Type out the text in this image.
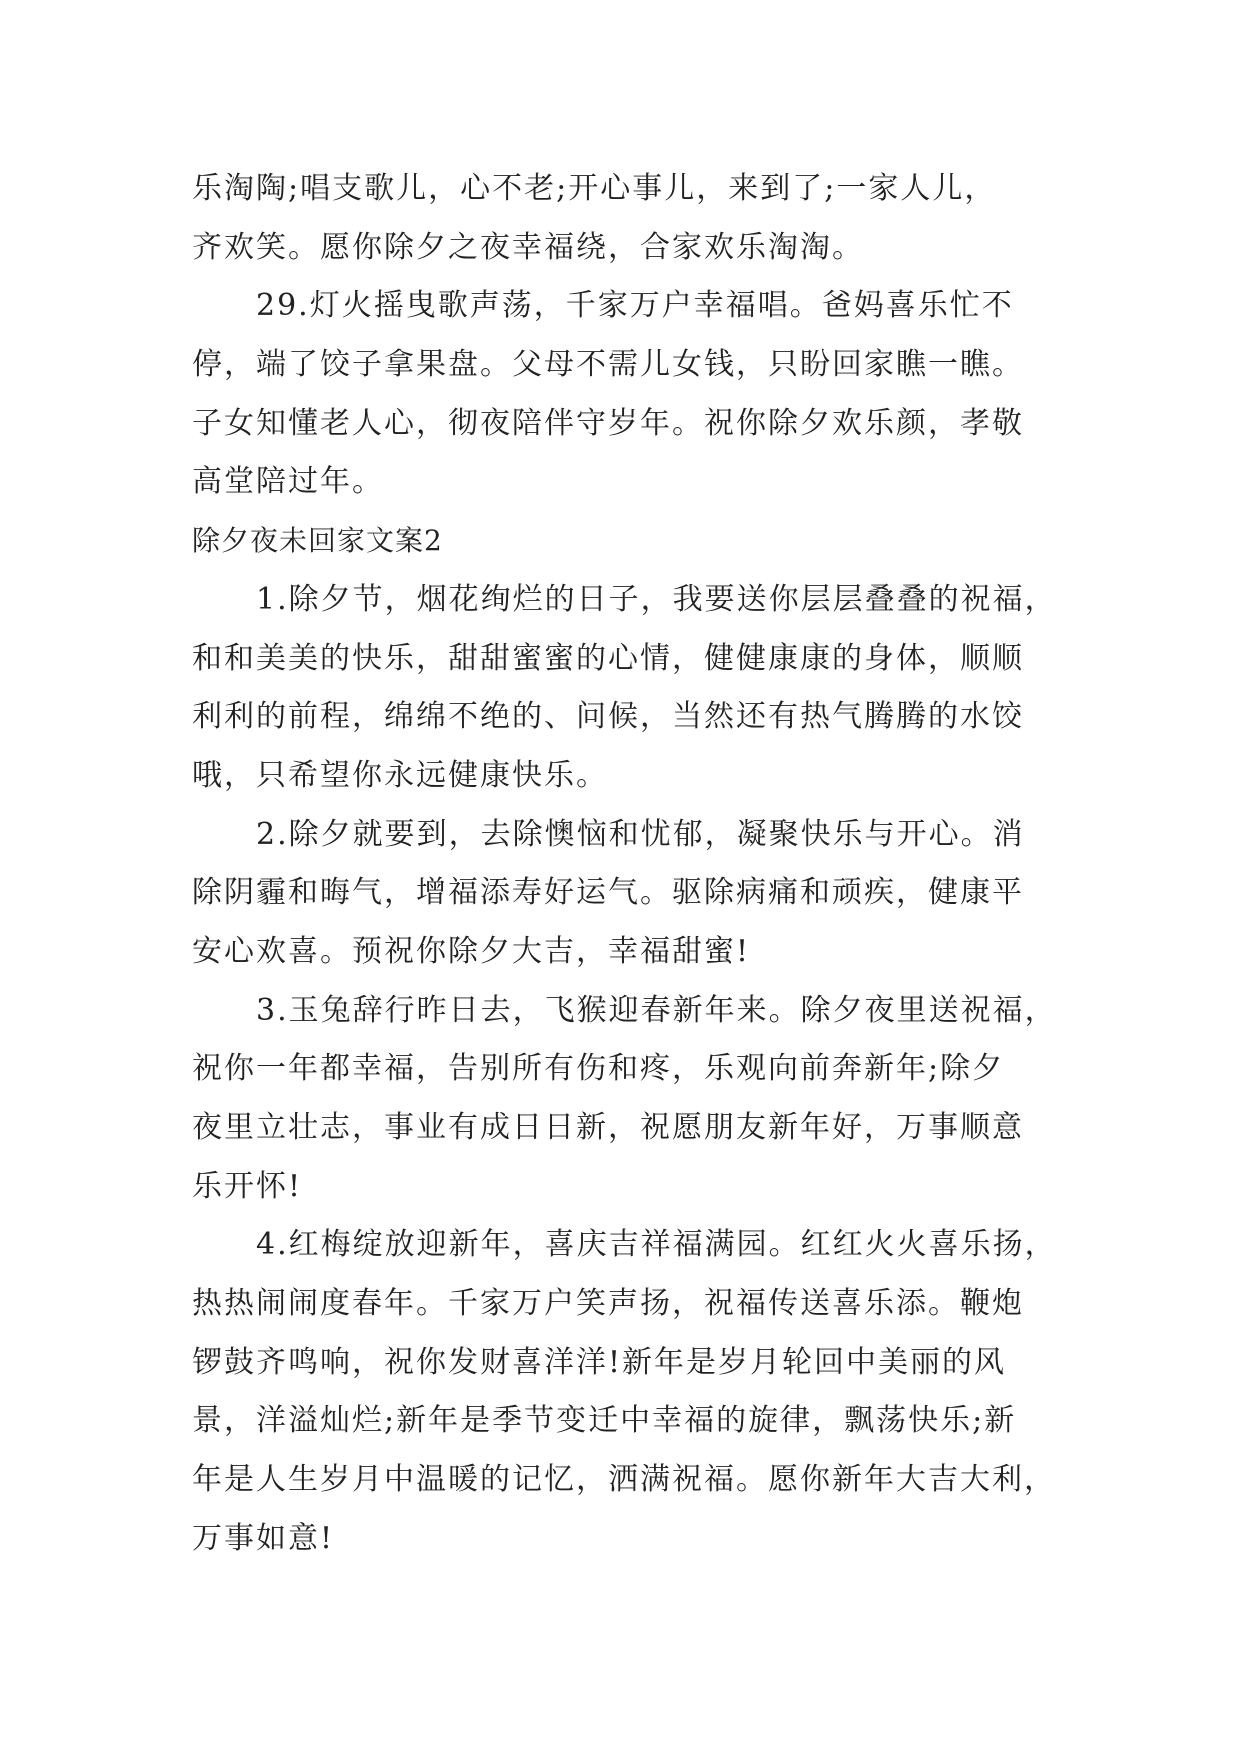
乐淘陶;唱支歌儿，心不老;开心事儿，来到了;一家人儿，
齐欢笑。愿你除夕之夜幸福绕，合家欢乐淘淘。
　　29.灯火摇曳歌声荡，千家万户幸福唱。爸妈喜乐忙不
停，端了饺子拿果盘。父母不需儿女钱，只盼回家瞧一瞧。
子女知懂老人心，彻夜陪伴守岁年。祝你除夕欢乐颜，孝敬
高堂陪过年。
除夕夜未回家文案2
　　1.除夕节，烟花绚烂的日子，我要送你层层叠叠的祝福，
和和美美的快乐，甜甜蜜蜜的心情，健健康康的身体，顺顺
利利的前程，绵绵不绝的、问候，当然还有热气腾腾的水饺
哦，只希望你永远健康快乐。
　　2.除夕就要到，去除懊恼和忧郁，凝聚快乐与开心。消
除阴霾和晦气，增福添寿好运气。驱除病痛和顽疾，健康平
安心欢喜。预祝你除夕大吉，幸福甜蜜!
　　3.玉兔辞行昨日去，飞猴迎春新年来。除夕夜里送祝福，
祝你一年都幸福，告别所有伤和疼，乐观向前奔新年;除夕
夜里立壮志，事业有成日日新，祝愿朋友新年好，万事顺意
乐开怀!
　　4.红梅绽放迎新年，喜庆吉祥福满园。红红火火喜乐扬，
热热闹闹度春年。千家万户笑声扬，祝福传送喜乐添。鞭炮
锣鼓齐鸣响，祝你发财喜洋洋!新年是岁月轮回中美丽的风
景，洋溢灿烂;新年是季节变迁中幸福的旋律，飘荡快乐;新
年是人生岁月中温暖的记忆，洒满祝福。愿你新年大吉大利，
万事如意!
